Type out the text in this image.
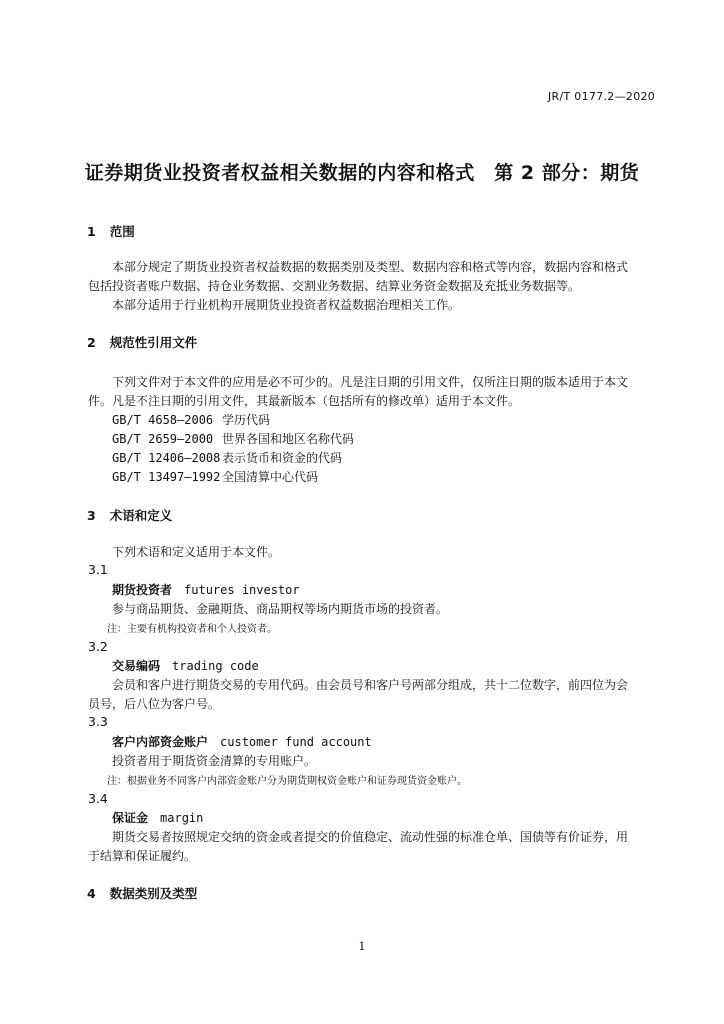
JR/T 0177.2—2020
证券期货业投资者权益相关数据的内容和格式　第 2 部分：期货
1 范围
本部分规定了期货业投资者权益数据的数据类别及类型、数据内容和格式等内容，数据内容和格式
包括投资者账户数据、持仓业务数据、交割业务数据、结算业务资金数据及充抵业务数据等。
本部分适用于行业机构开展期货业投资者权益数据治理相关工作。
2 规范性引用文件
下列文件对于本文件的应用是必不可少的。凡是注日期的引用文件，仅所注日期的版本适用于本文
件。凡是不注日期的引用文件，其最新版本（包括所有的修改单）适用于本文件。
GB/T 4658—2006 学历代码
GB/T 2659—2000 世界各国和地区名称代码
GB/T 12406—2008 表示货币和资金的代码
GB/T 13497—1992 全国清算中心代码
3 术语和定义
下列术语和定义适用于本文件。
3.1
期货投资者 futures investor
参与商品期货、金融期货、商品期权等场内期货市场的投资者。
注：主要有机构投资者和个人投资者。
3.2
交易编码 trading code
会员和客户进行期货交易的专用代码。由会员号和客户号两部分组成，共十二位数字，前四位为会
员号，后八位为客户号。
3.3
客户内部资金账户 customer fund account
投资者用于期货资金清算的专用账户。
注：根据业务不同客户内部资金账户分为期货期权资金账户和证券现货资金账户。
3.4
保证金 margin
期货交易者按照规定交纳的资金或者提交的价值稳定、流动性强的标准仓单、国债等有价证券，用
于结算和保证履约。
4 数据类别及类型
1
